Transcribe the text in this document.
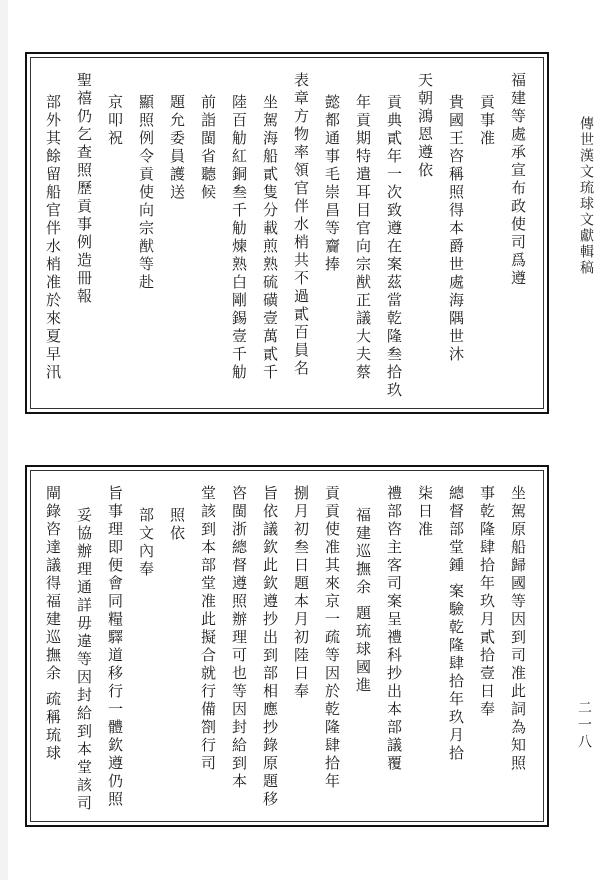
傳世漢文琉球文獻輯稿
二一八
福建等處承宣布政使司爲遵
貢事准
貴國王咨稱照得本爵世處海隅世沐
天朝鴻恩遵依
貢典貳年一次致遵在案茲當乾隆叁拾玖
年貢期特遣耳目官向宗猷正議大夫蔡
懿都通事毛崇昌等齎捧
表章方物率領官伴水梢共不過貳百員名
坐駕海船貳隻分載煎熟硫磺壹萬貳千
陸百觔紅銅叁千觔煉熟白剛錫壹千觔
前詣閩省聽候
題允委員護送
顯照例令貢使向宗猷等赴
京叩祝
聖禧仍乞查照歷貢事例造冊報
部外其餘留船官伴水梢准於來夏早汛
坐駕原船歸國等因到司准此詞為知照
事乾隆肆拾年玖月貳拾壹日奉
總督部堂鍾 案驗乾隆肆拾年玖月拾
柒日准
禮部咨主客司案呈禮科抄出本部議覆
福建巡撫余 題琉球國進
貢貢使准其來京一疏等因於乾隆肆拾年
捌月初叁日題本月初陸日奉
旨依議欽此欽遵抄出到部相應抄錄原題移
咨閩浙總督遵照辦理可也等因封給到本
堂該到本部堂准此擬合就行備劄行司
照依
部文內奉
旨事理即便會同糧驛道移行一體欽遵仍照
妥協辦理通詳毋違等因封給到本堂該司
閘錄咨達議得福建巡撫余 疏稱琉球
